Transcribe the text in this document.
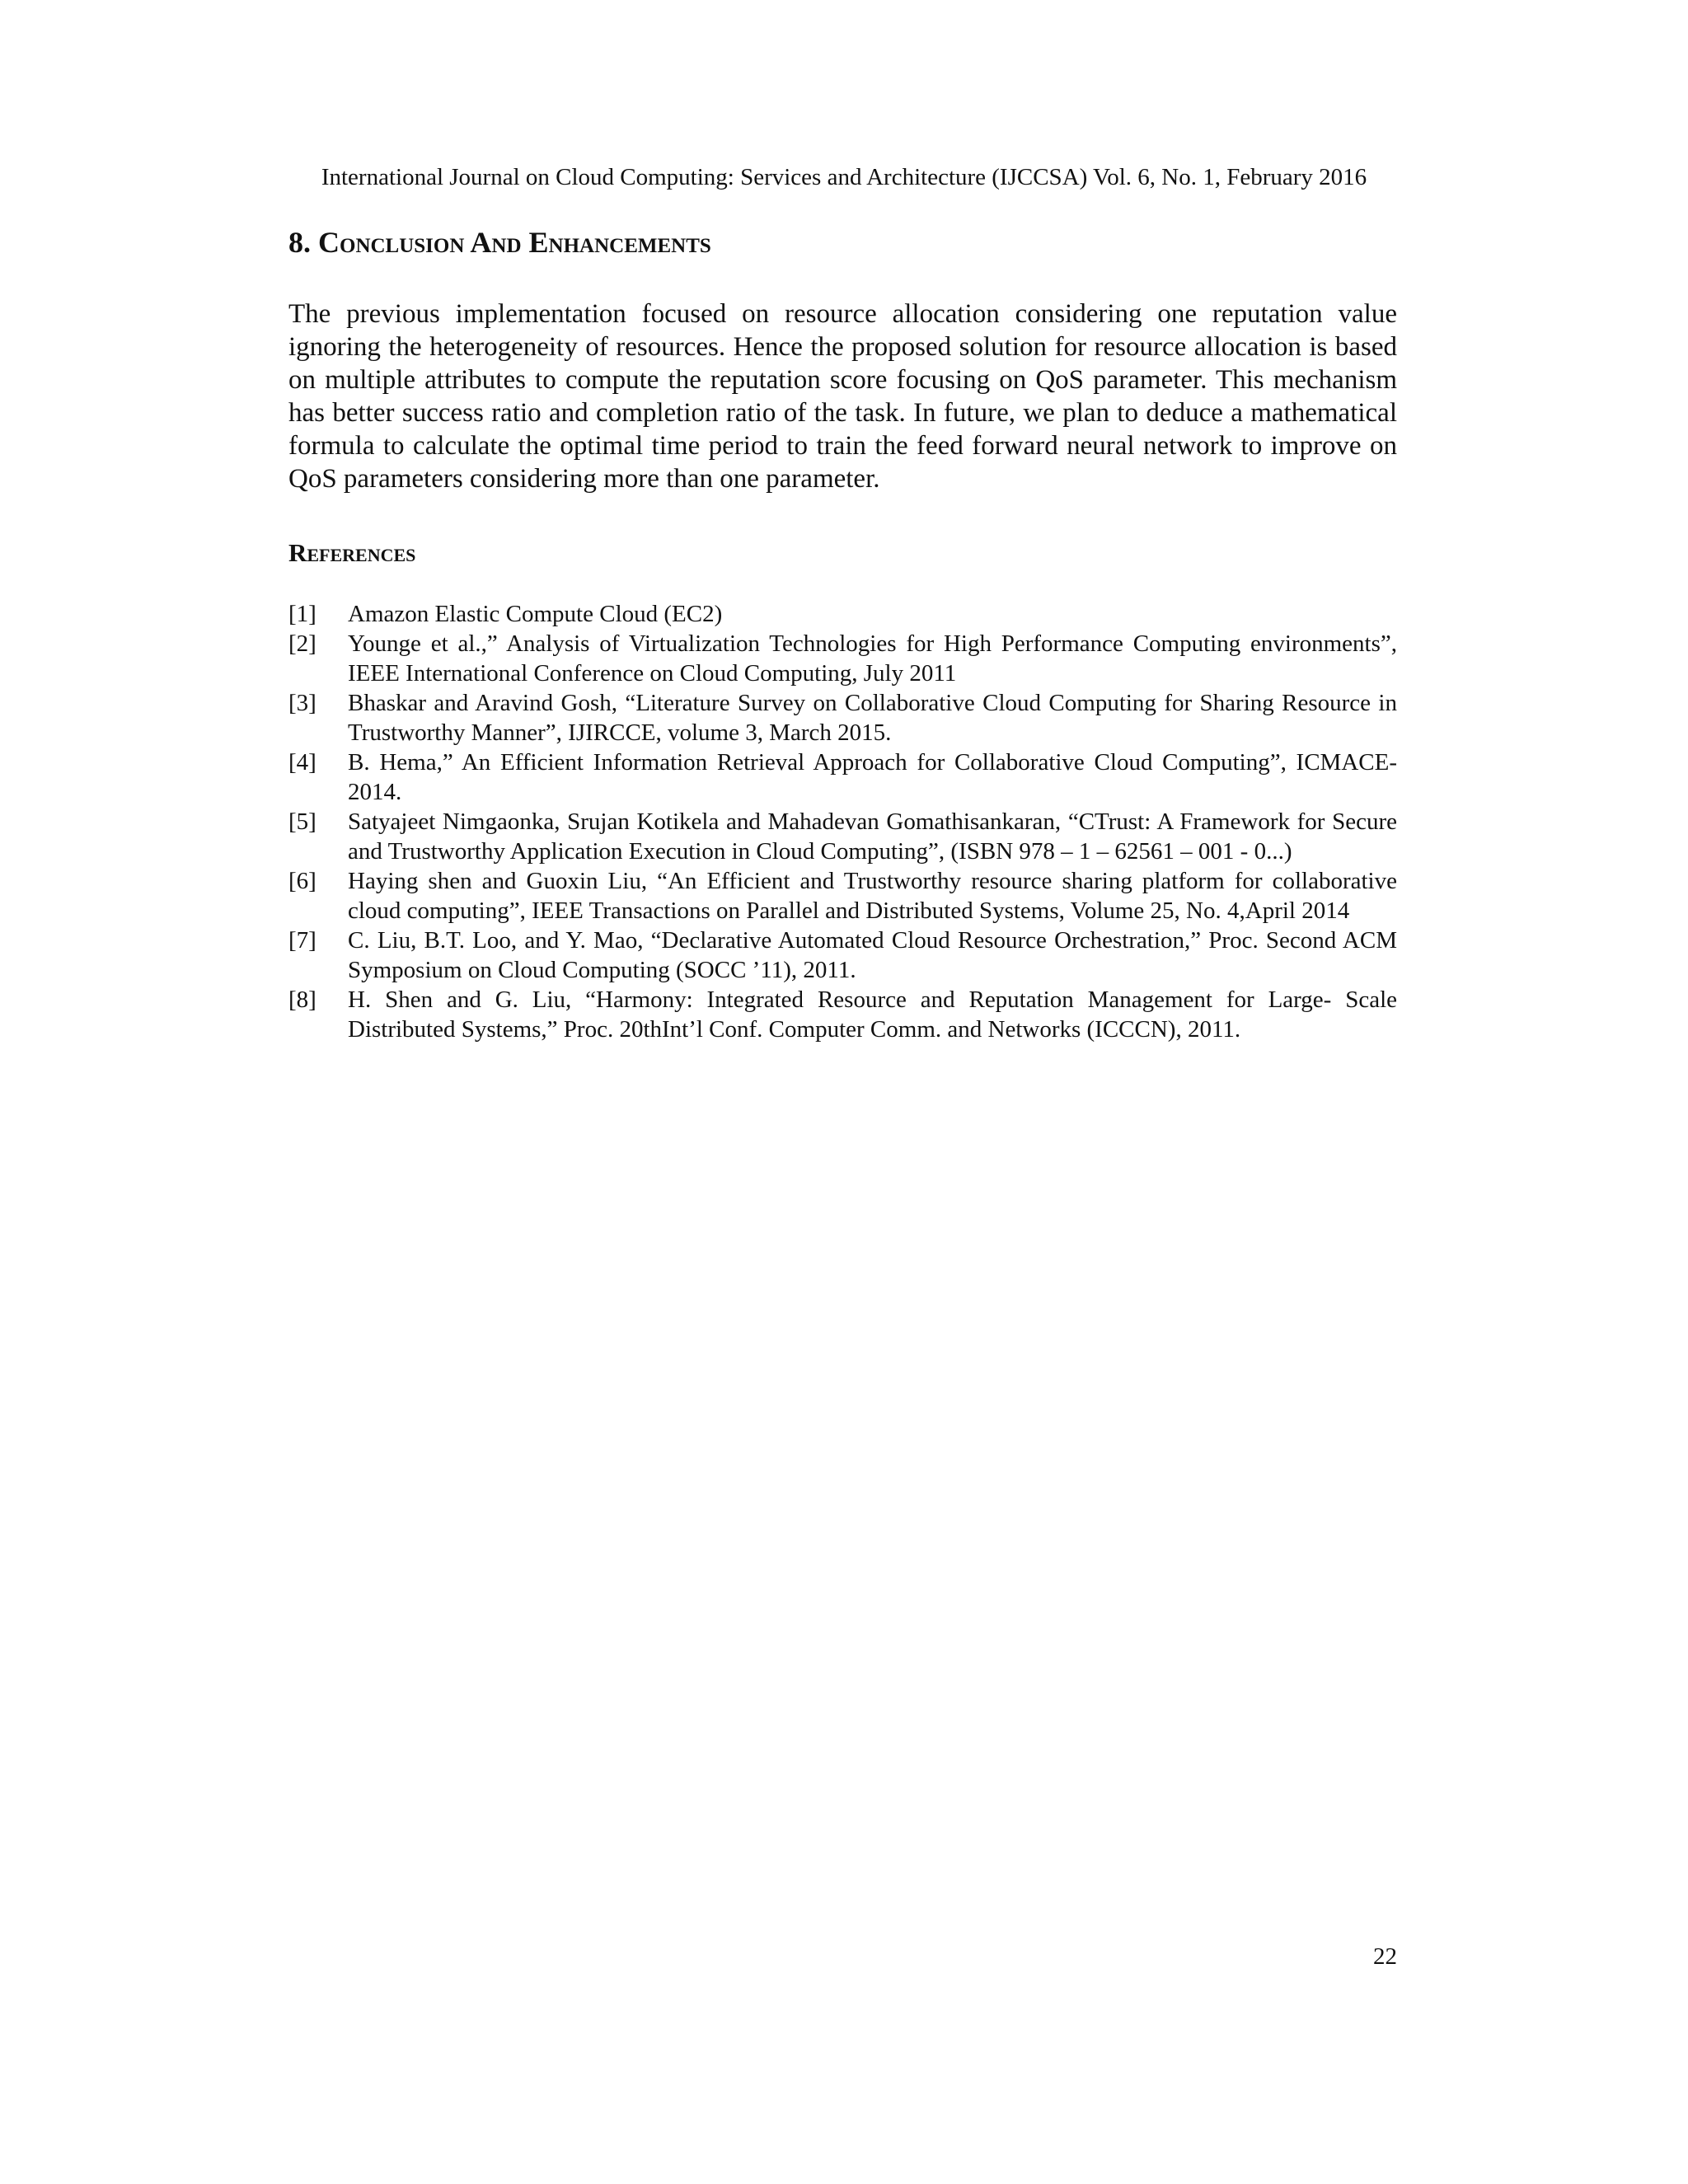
International Journal on Cloud Computing: Services and Architecture (IJCCSA) Vol. 6, No. 1, February 2016
8. Conclusion And Enhancements

The previous implementation focused on resource allocation considering one reputation value ignoring the heterogeneity of resources. Hence the proposed solution for resource allocation is based on multiple attributes to compute the reputation score focusing on QoS parameter. This mechanism has better success ratio and completion ratio of the task. In future, we plan to deduce a mathematical formula to calculate the optimal time period to train the feed forward neural network to improve on QoS parameters considering more than one parameter.

References
[1]	Amazon Elastic Compute Cloud (EC2)
[2]	Younge et al.,” Analysis of Virtualization Technologies for High Performance Computing environments”, IEEE International Conference on Cloud Computing, July 2011
[3]	Bhaskar and Aravind Gosh, “Literature Survey on Collaborative Cloud Computing for Sharing Resource in Trustworthy Manner”, IJIRCCE, volume 3, March 2015.
[4]	B. Hema,” An Efficient Information Retrieval Approach for Collaborative Cloud Computing”, ICMACE-2014.
[5]	Satyajeet Nimgaonka, Srujan Kotikela and Mahadevan Gomathisankaran, “CTrust: A Framework for Secure and Trustworthy Application Execution in Cloud Computing”, (ISBN 978 – 1 – 62561 – 001 - 0...)
[6]	Haying shen and Guoxin Liu, “An Efficient and Trustworthy resource sharing platform for collaborative cloud computing”, IEEE Transactions on Parallel and Distributed Systems, Volume 25, No. 4,April 2014
[7]	C. Liu, B.T. Loo, and Y. Mao, “Declarative Automated Cloud Resource Orchestration,” Proc. Second ACM Symposium on Cloud Computing (SOCC ’11), 2011.
[8]	H. Shen and G. Liu, “Harmony: Integrated Resource and Reputation Management for Large- Scale Distributed Systems,” Proc. 20thInt’l Conf. Computer Comm. and Networks (ICCCN), 2011.
22
